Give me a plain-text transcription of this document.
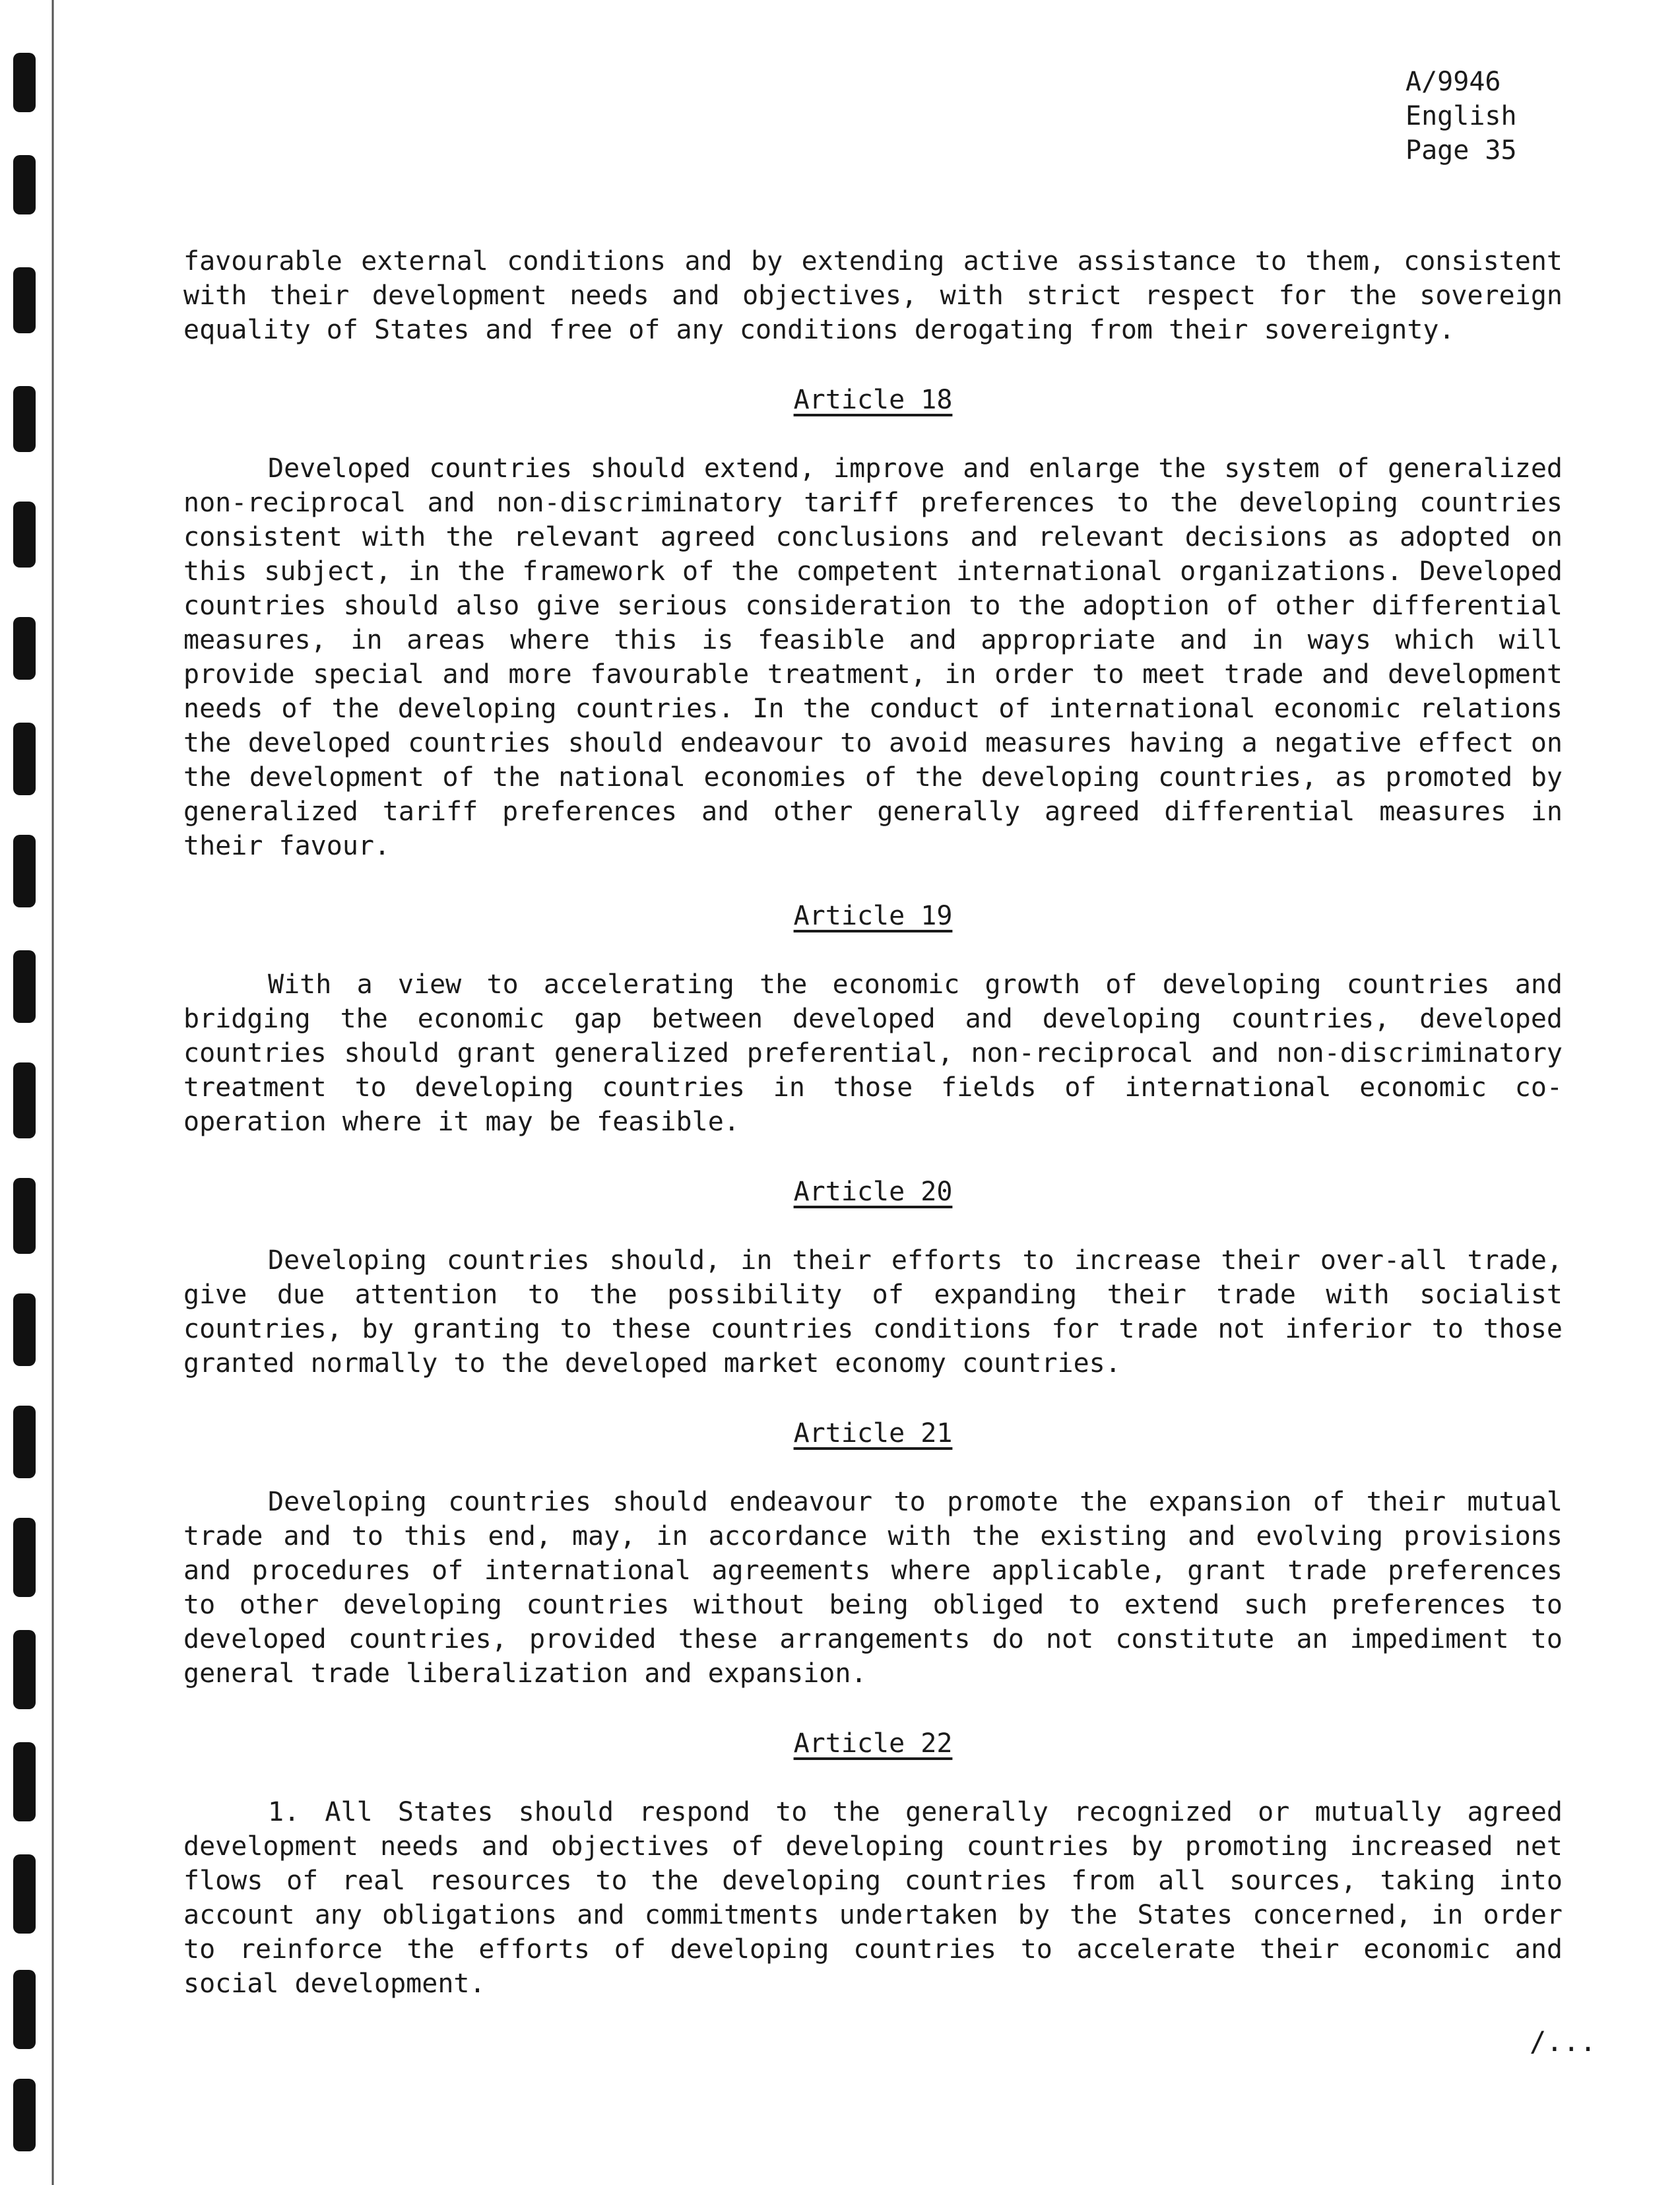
A/9946
English
Page 35

favourable external conditions and by extending active assistance to them, consistent with their development needs and objectives, with strict respect for the sovereign equality of States and free of any conditions derogating from their sovereignty.

Article 18

Developed countries should extend, improve and enlarge the system of generalized non-reciprocal and non-discriminatory tariff preferences to the developing countries consistent with the relevant agreed conclusions and relevant decisions as adopted on this subject, in the framework of the competent international organizations. Developed countries should also give serious consideration to the adoption of other differential measures, in areas where this is feasible and appropriate and in ways which will provide special and more favourable treatment, in order to meet trade and development needs of the developing countries. In the conduct of international economic relations the developed countries should endeavour to avoid measures having a negative effect on the development of the national economies of the developing countries, as promoted by generalized tariff preferences and other generally agreed differential measures in their favour.

Article 19

With a view to accelerating the economic growth of developing countries and bridging the economic gap between developed and developing countries, developed countries should grant generalized preferential, non-reciprocal and non-discriminatory treatment to developing countries in those fields of international economic co-operation where it may be feasible.

Article 20

Developing countries should, in their efforts to increase their over-all trade, give due attention to the possibility of expanding their trade with socialist countries, by granting to these countries conditions for trade not inferior to those granted normally to the developed market economy countries.

Article 21

Developing countries should endeavour to promote the expansion of their mutual trade and to this end, may, in accordance with the existing and evolving provisions and procedures of international agreements where applicable, grant trade preferences to other developing countries without being obliged to extend such preferences to developed countries, provided these arrangements do not constitute an impediment to general trade liberalization and expansion.

Article 22

1. All States should respond to the generally recognized or mutually agreed development needs and objectives of developing countries by promoting increased net flows of real resources to the developing countries from all sources, taking into account any obligations and commitments undertaken by the States concerned, in order to reinforce the efforts of developing countries to accelerate their economic and social development.

/...
